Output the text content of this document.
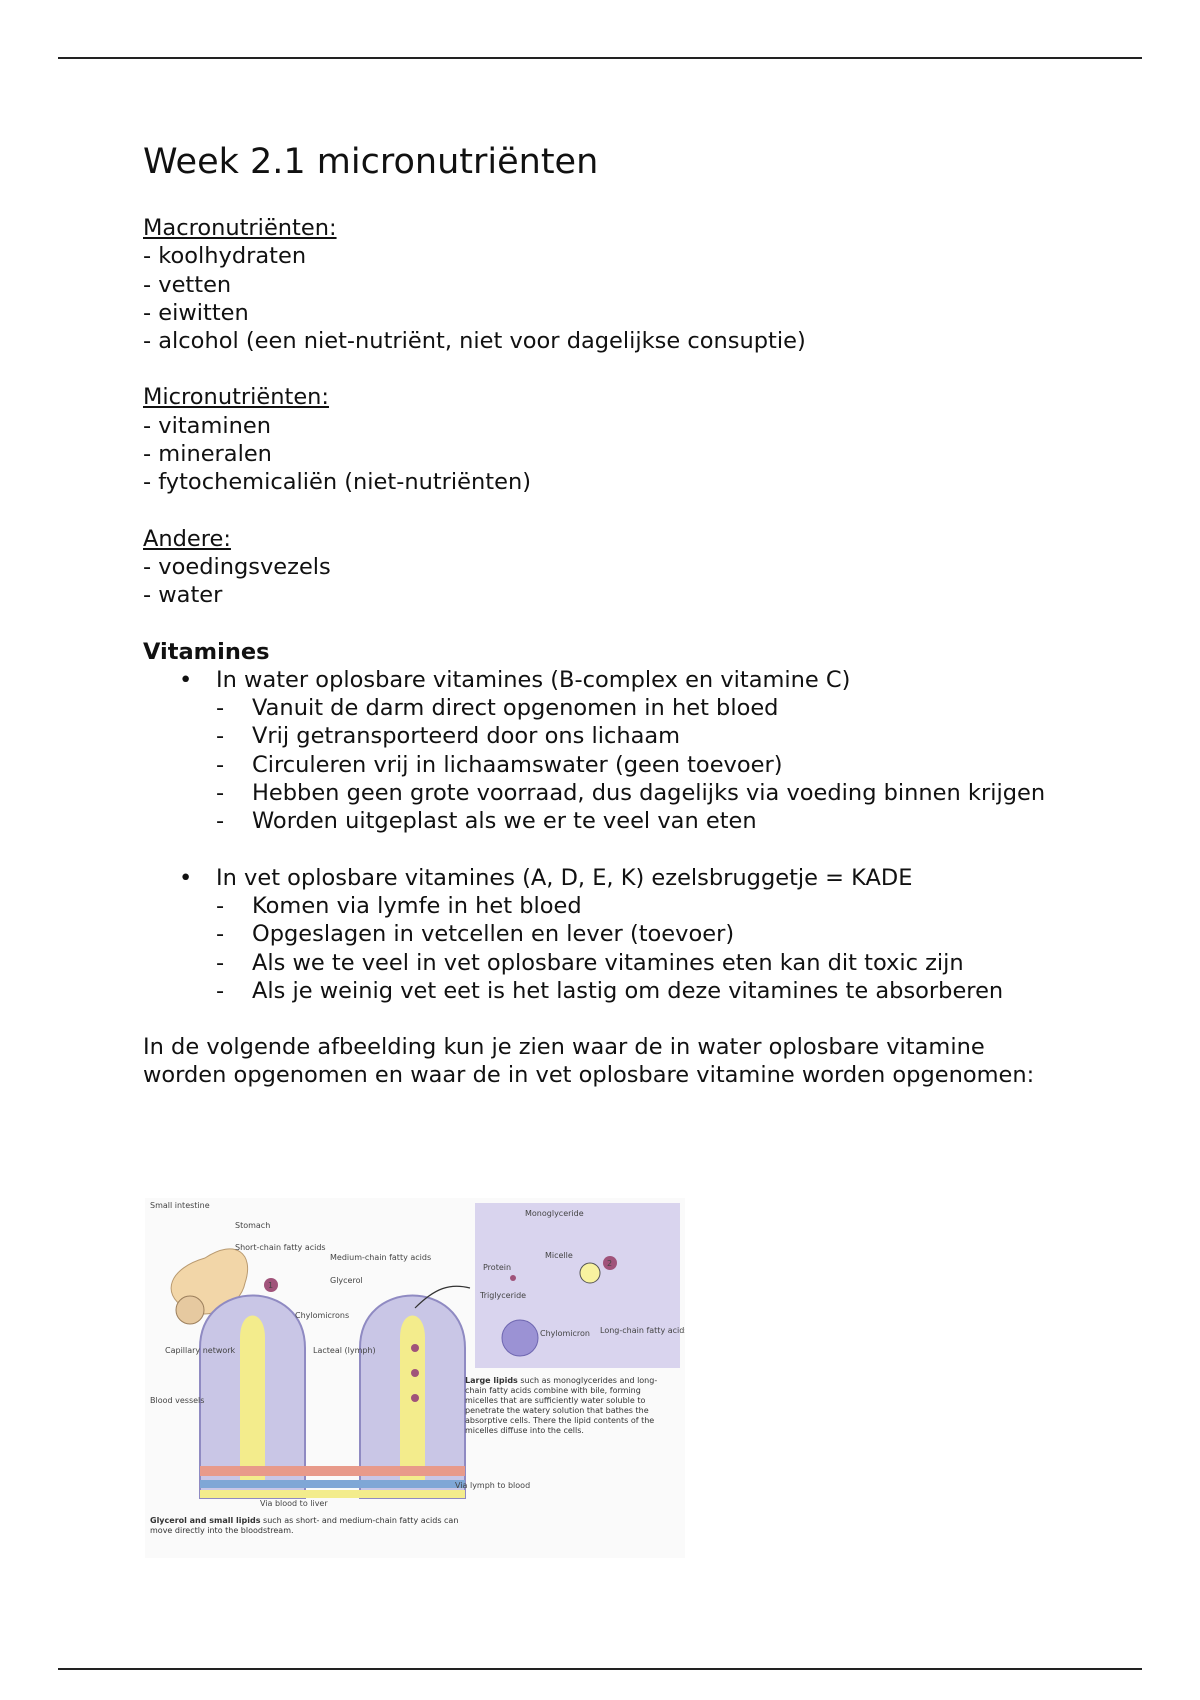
Week 2.1 micronutriënten
Macronutriënten:
- koolhydraten
- vetten
- eiwitten
- alcohol (een niet-nutriënt, niet voor dagelijkse consuptie)
Micronutriënten:
- vitaminen
- mineralen
- fytochemicaliën (niet-nutriënten)
Andere:
- voedingsvezels
- water
Vitamines
• In water oplosbare vitamines (B-complex en vitamine C)
- Vanuit de darm direct opgenomen in het bloed
- Vrij getransporteerd door ons lichaam
- Circuleren vrij in lichaamswater (geen toevoer)
- Hebben geen grote voorraad, dus dagelijks via voeding binnen krijgen
- Worden uitgeplast als we er te veel van eten
• In vet oplosbare vitamines (A, D, E, K) ezelsbruggetje = KADE
- Komen via lymfe in het bloed
- Opgeslagen in vetcellen en lever (toevoer)
- Als we te veel in vet oplosbare vitamines eten kan dit toxic zijn
- Als je weinig vet eet is het lastig om deze vitamines te absorberen

In de volgende afbeelding kun je zien waar de in water oplosbare vitamine worden opgenomen en waar de in vet oplosbare vitamine worden opgenomen:

1
2
Small intestine
Stomach
Short-chain fatty acids
Medium-chain fatty acids
Glycerol
Chylomicrons
Capillary network	Lacteal (lymph)
Blood vessels
Monoglyceride
Micelle
Protein
Triglyceride
Chylomicron Long-chain fatty acids
Via lymph to blood
Via blood to liver
Large lipids such as monoglycerides and long-chain fatty acids combine with bile, forming micelles that are sufficiently water soluble to penetrate the watery solution that bathes the absorptive cells. There the lipid contents of the micelles diffuse into the cells.
Glycerol and small lipids such as short- and medium-chain fatty acids can move directly into the bloodstream.
